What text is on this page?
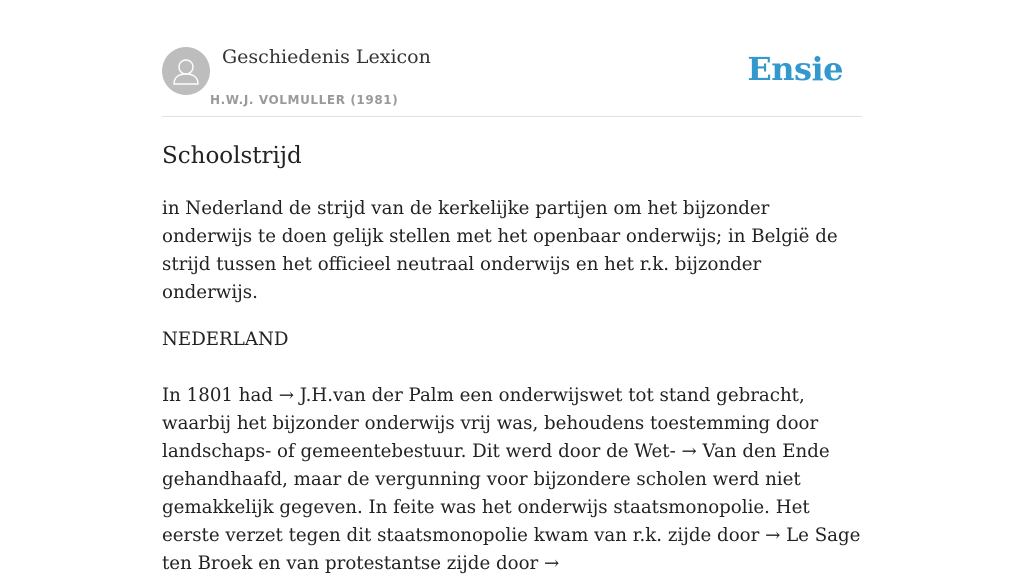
Geschiedenis Lexicon
H.W.J. VOLMULLER (1981)
Ensie
Schoolstrijd

in Nederland de strijd van de kerkelijke partijen om het bijzonder onderwijs te doen gelijk stellen met het openbaar onderwijs; in België de strijd tussen het officieel neutraal onderwijs en het r.k. bijzonder onderwijs.

NEDERLAND

In 1801 had → J.H.van der Palm een onderwijswet tot stand gebracht, waarbij het bijzonder onderwijs vrij was, behoudens toestemming door landschaps- of gemeentebestuur. Dit werd door de Wet- → Van den Ende gehandhaafd, maar de vergunning voor bijzondere scholen werd niet gemakkelijk gegeven. In feite was het onderwijs staatsmonopolie. Het eerste verzet tegen dit staatsmonopolie kwam van r.k. zijde door → Le Sage ten Broek en van protestantse zijde door →
